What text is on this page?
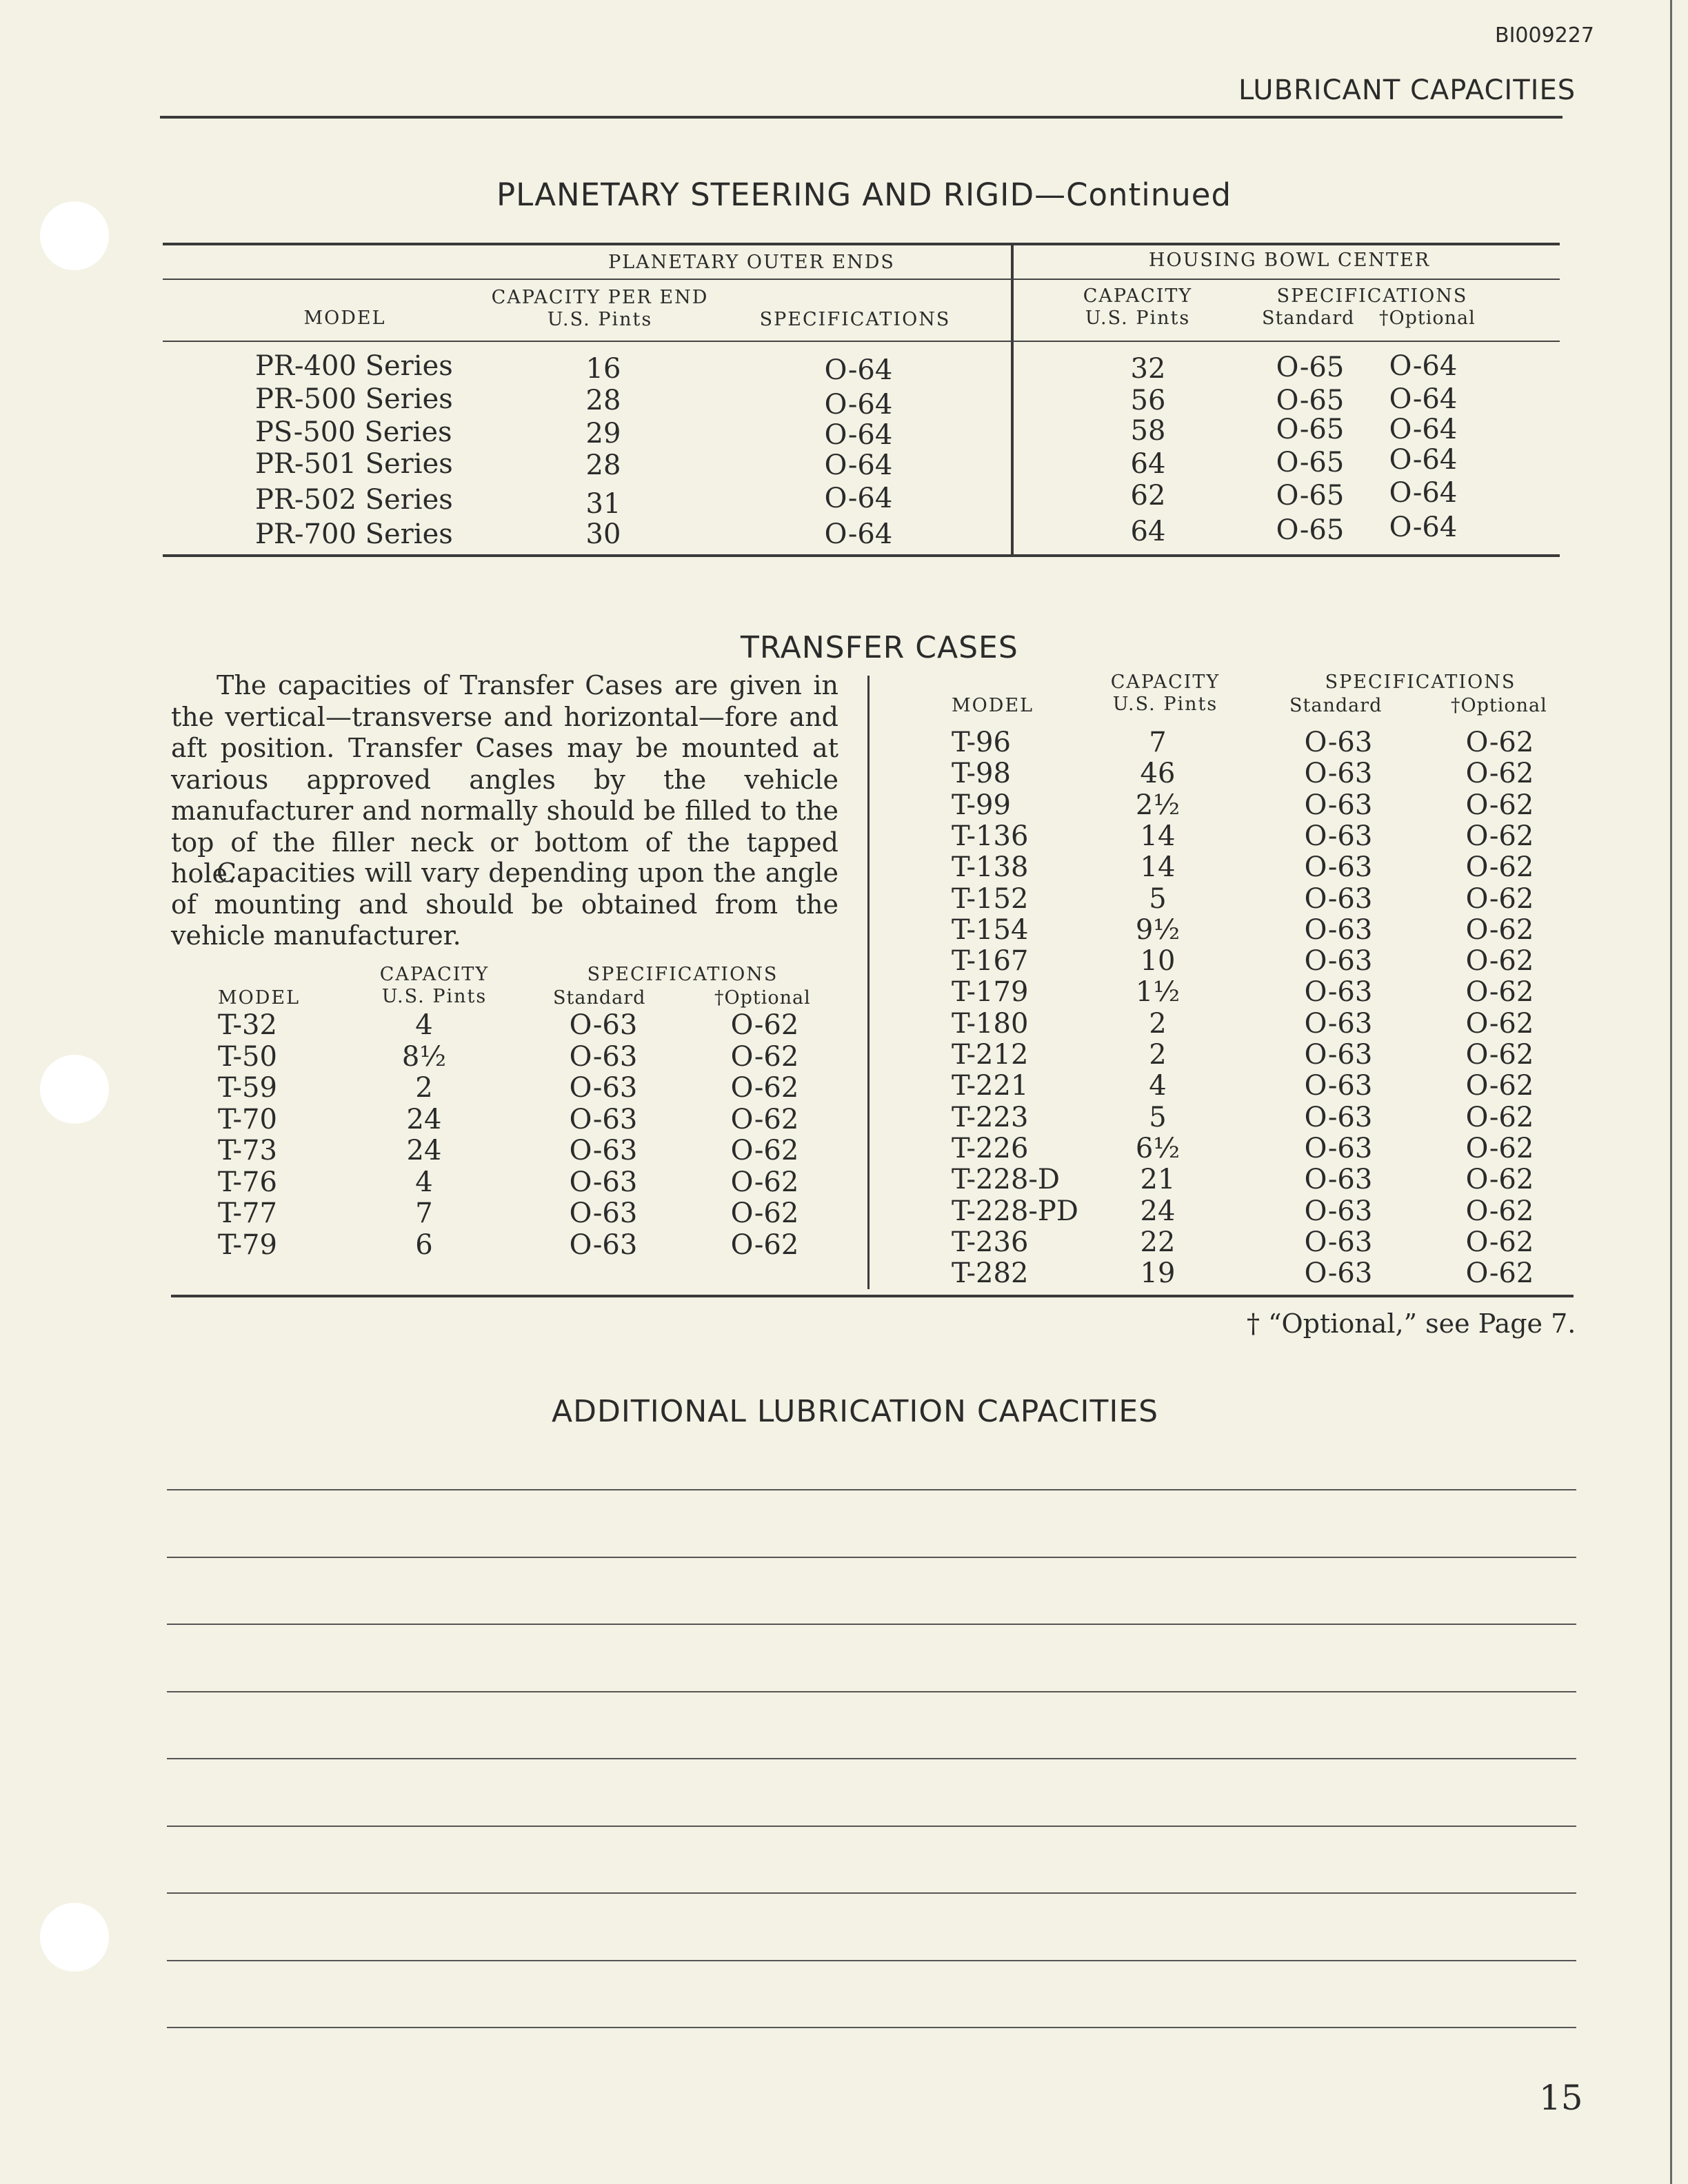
BI009227
LUBRICANT CAPACITIES
PLANETARY STEERING AND RIGID—Continued
PLANETARY OUTER ENDS	HOUSING BOWL CENTER
MODEL
CAPACITY PER END
U.S. Pints	SPECIFICATIONS
CAPACITY
U.S. Pints
SPECIFICATIONS
Standard †Optional
PR-400 Series	16	O-64	32	O-65	O-64
PR-500 Series	28	O-64	56	O-65	O-64
PS-500 Series	29	O-64	58	O-65	O-64
PR-501 Series	28	O-64	64	O-65	O-64
PR-502 Series	31	O-64	62	O-65	O-64
PR-700 Series	30	O-64	64	O-65	O-64
TRANSFER CASES
The capacities of Transfer Cases are given in the vertical—transverse and horizontal—fore and aft position. Transfer Cases may be mounted at various approved angles by the vehicle manufacturer and normally should be filled to the top of the filler neck or bottom of the tapped hole.
Capacities will vary depending upon the angle of mounting and should be obtained from the vehicle manufacturer.
MODEL
CAPACITY
U.S. Pints
SPECIFICATIONS
Standard	†Optional
MODEL
CAPACITY
U.S. Pints
SPECIFICATIONS
Standard	†Optional
T-32	4	O-63	O-62
T-50	8½	O-63	O-62
T-59	2	O-63	O-62
T-70	24	O-63	O-62
T-73	24	O-63	O-62
T-76	4	O-63	O-62
T-77	7	O-63	O-62
T-79	6	O-63	O-62
T-96	7	O-63	O-62
T-98	46	O-63	O-62
T-99	2½	O-63	O-62
T-136	14	O-63	O-62
T-138	14	O-63	O-62
T-152	5	O-63	O-62
T-154	9½	O-63	O-62
T-167	10	O-63	O-62
T-179	1½	O-63	O-62
T-180	2	O-63	O-62
T-212	2	O-63	O-62
T-221	4	O-63	O-62
T-223	5	O-63	O-62
T-226	6½	O-63	O-62
T-228-D	21	O-63	O-62
T-228-PD	24	O-63	O-62
T-236	22	O-63	O-62
T-282	19	O-63	O-62
† “Optional,” see Page 7.
ADDITIONAL LUBRICATION CAPACITIES
15
